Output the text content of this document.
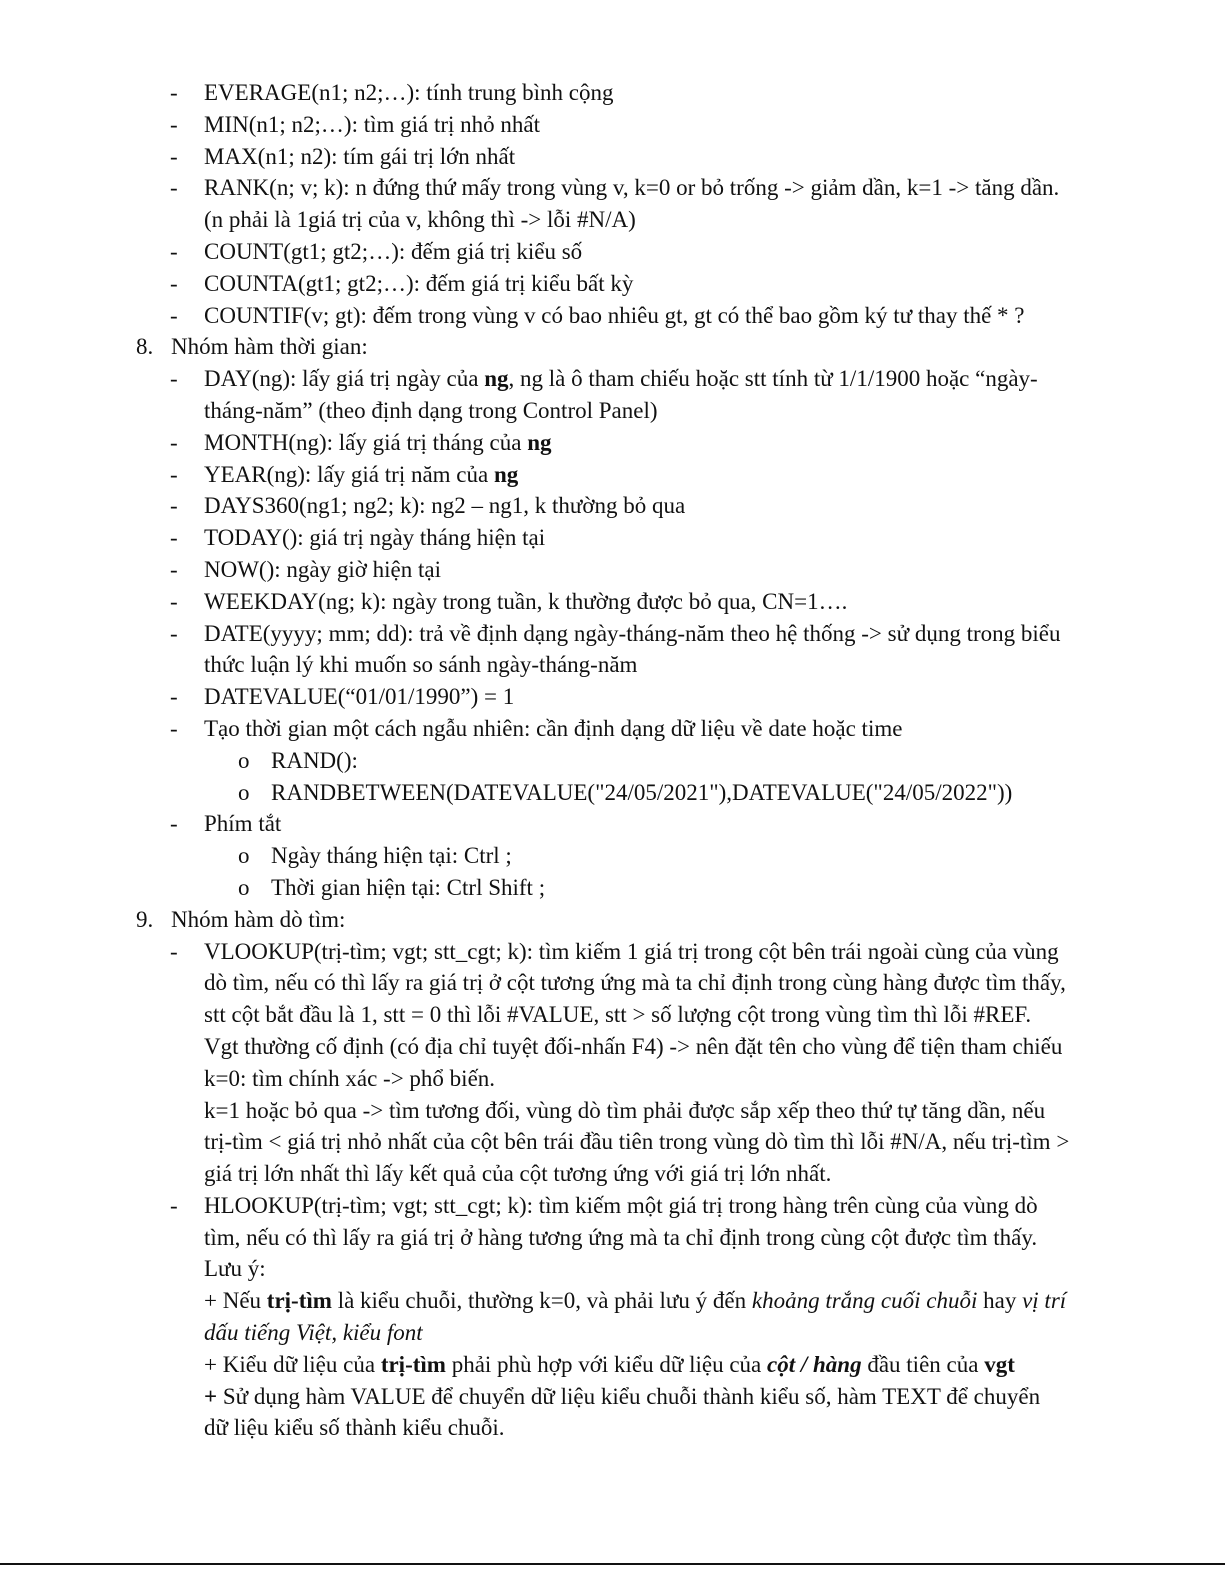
- EVERAGE(n1; n2;…): tính trung bình cộng
- MIN(n1; n2;…): tìm giá trị nhỏ nhất
- MAX(n1; n2): tím gái trị lớn nhất
- RANK(n; v; k): n đứng thứ mấy trong vùng v, k=0 or bỏ trống -> giảm dần, k=1 -> tăng dần.
(n phải là 1giá trị của v, không thì -> lỗi #N/A)
- COUNT(gt1; gt2;…): đếm giá trị kiểu số
- COUNTA(gt1; gt2;…): đếm giá trị kiểu bất kỳ
- COUNTIF(v; gt): đếm trong vùng v có bao nhiêu gt, gt có thể bao gồm ký tư thay thế * ?
8. Nhóm hàm thời gian:
- DAY(ng): lấy giá trị ngày của ng, ng là ô tham chiếu hoặc stt tính từ 1/1/1900 hoặc “ngày-
tháng-năm” (theo định dạng trong Control Panel)
- MONTH(ng): lấy giá trị tháng của ng
- YEAR(ng): lấy giá trị năm của ng
- DAYS360(ng1; ng2; k): ng2 – ng1, k thường bỏ qua
- TODAY(): giá trị ngày tháng hiện tại
- NOW(): ngày giờ hiện tại
- WEEKDAY(ng; k): ngày trong tuần, k thường được bỏ qua, CN=1….
- DATE(yyyy; mm; dd): trả về định dạng ngày-tháng-năm theo hệ thống -> sử dụng trong biểu
thức luận lý khi muốn so sánh ngày-tháng-năm
- DATEVALUE(“01/01/1990”) = 1
- Tạo thời gian một cách ngẫu nhiên: cần định dạng dữ liệu về date hoặc time
o RAND():
o RANDBETWEEN(DATEVALUE("24/05/2021"),DATEVALUE("24/05/2022"))
- Phím tắt
o Ngày tháng hiện tại: Ctrl ;
o Thời gian hiện tại: Ctrl Shift ;
9. Nhóm hàm dò tìm:
- VLOOKUP(trị-tìm; vgt; stt_cgt; k): tìm kiếm 1 giá trị trong cột bên trái ngoài cùng của vùng
dò tìm, nếu có thì lấy ra giá trị ở cột tương ứng mà ta chỉ định trong cùng hàng được tìm thấy,
stt cột bắt đầu là 1, stt = 0 thì lỗi #VALUE, stt > số lượng cột trong vùng tìm thì lỗi #REF.
Vgt thường cố định (có địa chỉ tuyệt đối-nhấn F4) -> nên đặt tên cho vùng để tiện tham chiếu
k=0: tìm chính xác -> phổ biến.
k=1 hoặc bỏ qua -> tìm tương đối, vùng dò tìm phải được sắp xếp theo thứ tự tăng dần, nếu
trị-tìm < giá trị nhỏ nhất của cột bên trái đầu tiên trong vùng dò tìm thì lỗi #N/A, nếu trị-tìm >
giá trị lớn nhất thì lấy kết quả của cột tương ứng với giá trị lớn nhất.
- HLOOKUP(trị-tìm; vgt; stt_cgt; k): tìm kiếm một giá trị trong hàng trên cùng của vùng dò
tìm, nếu có thì lấy ra giá trị ở hàng tương ứng mà ta chỉ định trong cùng cột được tìm thấy.
Lưu ý:
+ Nếu trị-tìm là kiểu chuỗi, thường k=0, và phải lưu ý đến khoảng trắng cuối chuỗi hay vị trí
dấu tiếng Việt, kiểu font
+ Kiểu dữ liệu của trị-tìm phải phù hợp với kiểu dữ liệu của cột / hàng đầu tiên của vgt
+ Sử dụng hàm VALUE để chuyển dữ liệu kiểu chuỗi thành kiểu số, hàm TEXT để chuyển
dữ liệu kiểu số thành kiểu chuỗi.
